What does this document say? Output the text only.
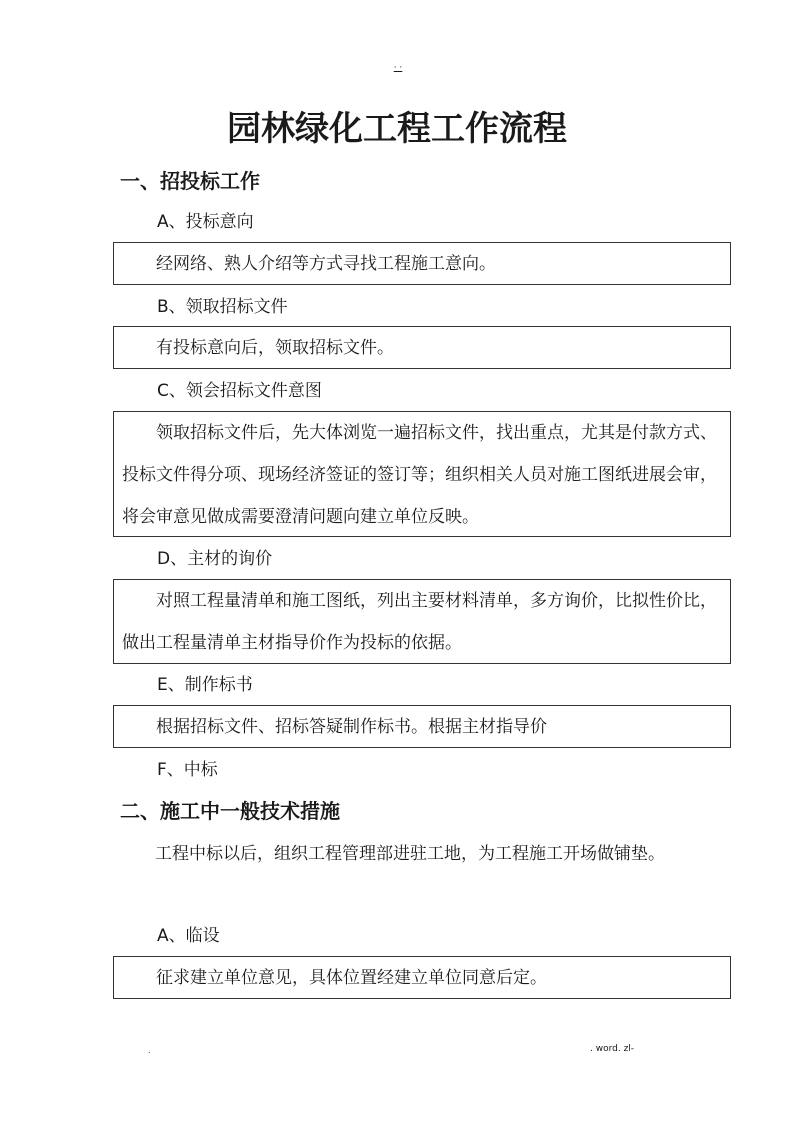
· ·
园林绿化工程工作流程
一、招投标工作
A、投标意向
经网络、熟人介绍等方式寻找工程施工意向。
B、领取招标文件
有投标意向后，领取招标文件。
C、领会招标文件意图
领取招标文件后，先大体浏览一遍招标文件，找出重点，尤其是付款方式、投标文件得分项、现场经济签证的签订等；组织相关人员对施工图纸进展会审，将会审意见做成需要澄清问题向建立单位反映。
D、主材的询价
对照工程量清单和施工图纸，列出主要材料清单，多方询价，比拟性价比，做出工程量清单主材指导价作为投标的依据。
E、制作标书
根据招标文件、招标答疑制作标书。根据主材指导价
F、中标
二、施工中一般技术措施
工程中标以后，组织工程管理部进驻工地，为工程施工开场做铺垫。
A、临设
征求建立单位意见，具体位置经建立单位同意后定。
.	. word. zl-
